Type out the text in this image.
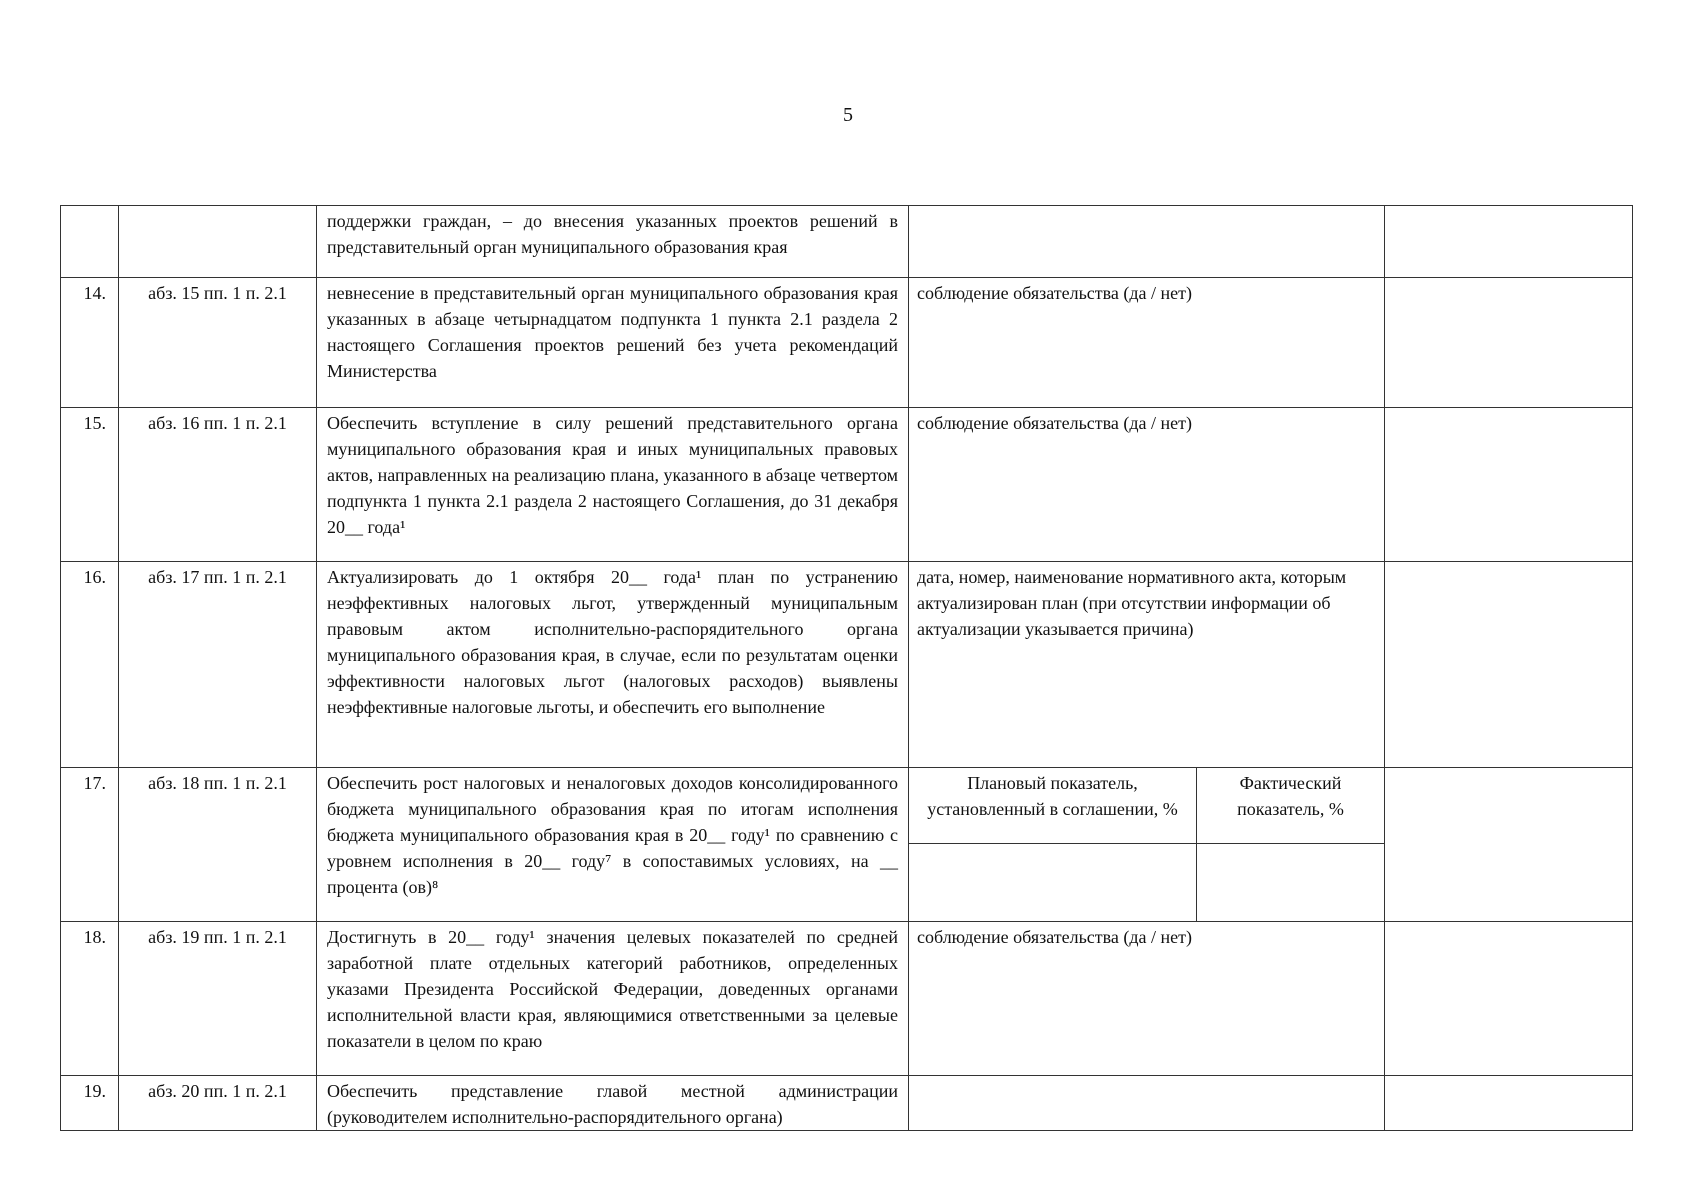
5
		поддержки граждан, – до внесения указанных проектов решений в представительный орган муниципального образования края			
14.	абз. 15 пп. 1 п. 2.1	невнесение в представительный орган муниципального образования края указанных в абзаце четырнадцатом подпункта 1 пункта 2.1 раздела 2 настоящего Соглашения проектов решений без учета рекомендаций Министерства	соблюдение обязательства (да / нет)		
15.	абз. 16 пп. 1 п. 2.1	Обеспечить вступление в силу решений представительного органа муниципального образования края и иных муниципальных правовых актов, направленных на реализацию плана, указанного в абзаце четвертом подпункта 1 пункта 2.1 раздела 2 настоящего Соглашения, до 31 декабря 20__ года¹	соблюдение обязательства (да / нет)		
16.	абз. 17 пп. 1 п. 2.1	Актуализировать до 1 октября 20__ года¹ план по устранению неэффективных налоговых льгот, утвержденный муниципальным правовым актом исполнительно-распорядительного органа муниципального образования края, в случае, если по результатам оценки эффективности налоговых льгот (налоговых расходов) выявлены неэффективные налоговые льготы, и обеспечить его выполнение	дата, номер, наименование нормативного акта, которым актуализирован план (при отсутствии информации об актуализации указывается причина)		
17.	абз. 18 пп. 1 п. 2.1	Обеспечить рост налоговых и неналоговых доходов консолидированного бюджета муниципального образования края по итогам исполнения бюджета муниципального образования края в 20__ году¹ по сравнению с уровнем исполнения в 20__ году⁷ в сопоставимых условиях, на __ процента (ов)⁸	Плановый показатель, установленный в соглашении, %	Фактический показатель, %	

18.	абз. 19 пп. 1 п. 2.1	Достигнуть в 20__ году¹ значения целевых показателей по средней заработной плате отдельных категорий работников, определенных указами Президента Российской Федерации, доведенных органами исполнительной власти края, являющимися ответственными за целевые показатели в целом по краю	соблюдение обязательства (да / нет)		
19.	абз. 20 пп. 1 п. 2.1	Обеспечить представление главой местной администрации (руководителем исполнительно-распорядительного органа)			
